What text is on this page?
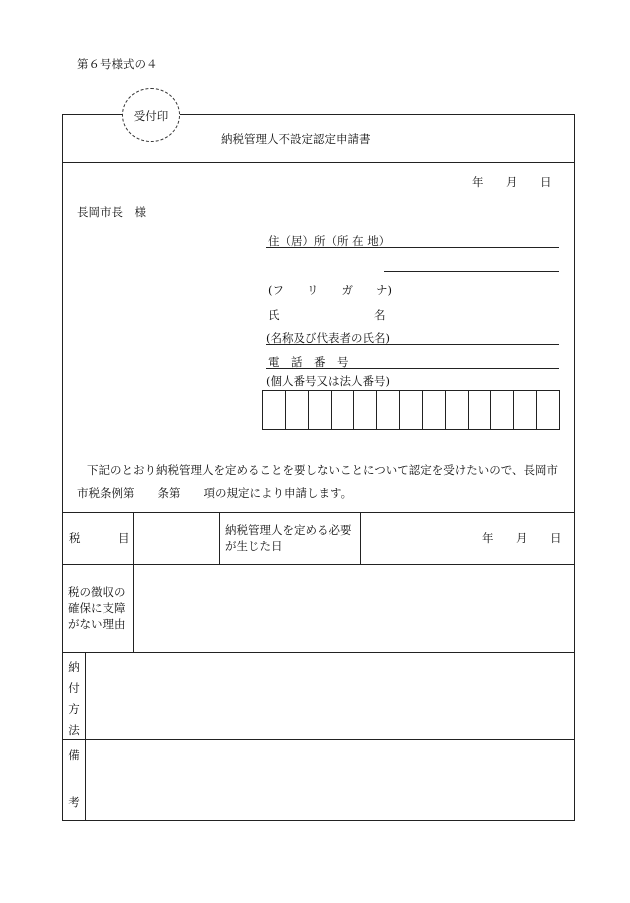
第６号様式の４
受付印
納税管理人不設定認定申請書
年 月 日
長岡市長　様
住（居）所（所 在 地）
(フ　　リ　　ガ　　ナ)
氏	名
(名称及び代表者の氏名)
電　話　番　号
(個人番号又は法人番号)
下記のとおり納税管理人を定めることを要しないことについて認定を受けたいので、長岡市
市税条例第　　条第　　項の規定により申請します。
税	目
納税管理人を定める必要
が生じた日
年 月 日
税の徴収の
確保に支障
がない理由
納
付
方
法
備
考
